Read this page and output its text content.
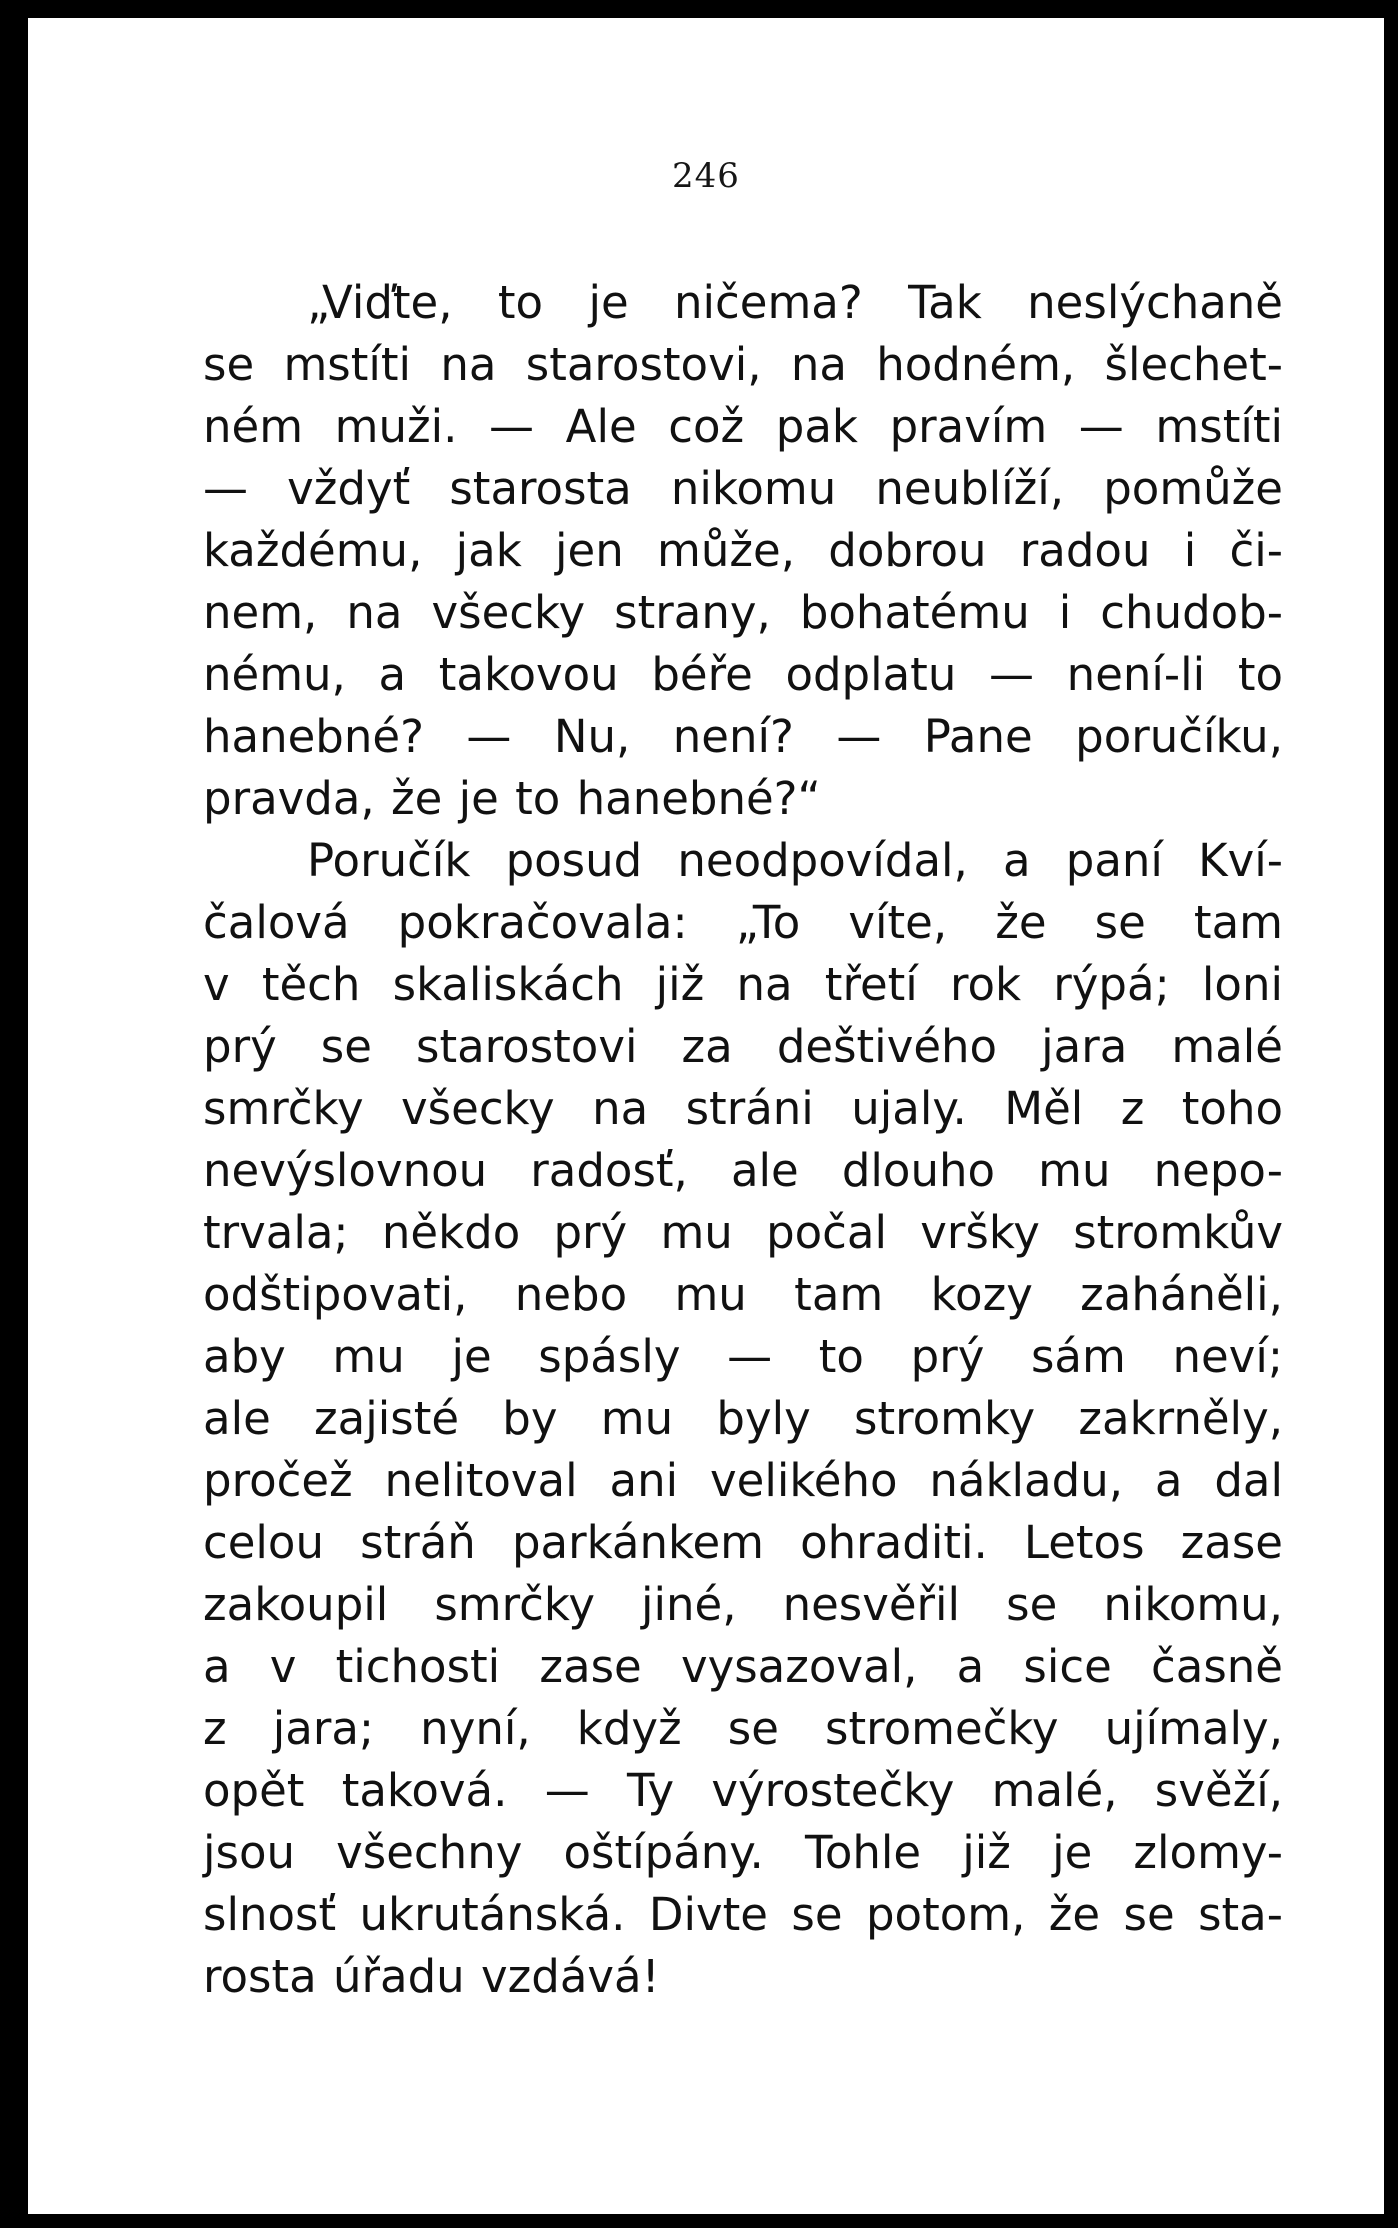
246
„Viďte, to je ničema? Tak neslýchaně
se mstíti na starostovi, na hodném, šlechet-
ném muži. — Ale což pak pravím — mstíti
— vždyť starosta nikomu neublíží, pomůže
každému, jak jen může, dobrou radou i či-
nem, na všecky strany, bohatému i chudob-
nému, a takovou béře odplatu — není-li to
hanebné? — Nu, není? — Pane poručíku,
pravda, že je to hanebné?“
Poručík posud neodpovídal, a paní Kví-
čalová pokračovala: „To víte, že se tam
v těch skaliskách již na třetí rok rýpá; loni
prý se starostovi za deštivého jara malé
smrčky všecky na stráni ujaly. Měl z toho
nevýslovnou radosť, ale dlouho mu nepo-
trvala; někdo prý mu počal vršky stromkův
odštipovati, nebo mu tam kozy zaháněli,
aby mu je spásly — to prý sám neví;
ale zajisté by mu byly stromky zakrněly,
pročež nelitoval ani velikého nákladu, a dal
celou stráň parkánkem ohraditi. Letos zase
zakoupil smrčky jiné, nesvěřil se nikomu,
a v tichosti zase vysazoval, a sice časně
z jara; nyní, když se stromečky ujímaly,
opět taková. — Ty výrostečky malé, svěží,
jsou všechny oštípány. Tohle již je zlomy-
slnosť ukrutánská. Divte se potom, že se sta-
rosta úřadu vzdává!
